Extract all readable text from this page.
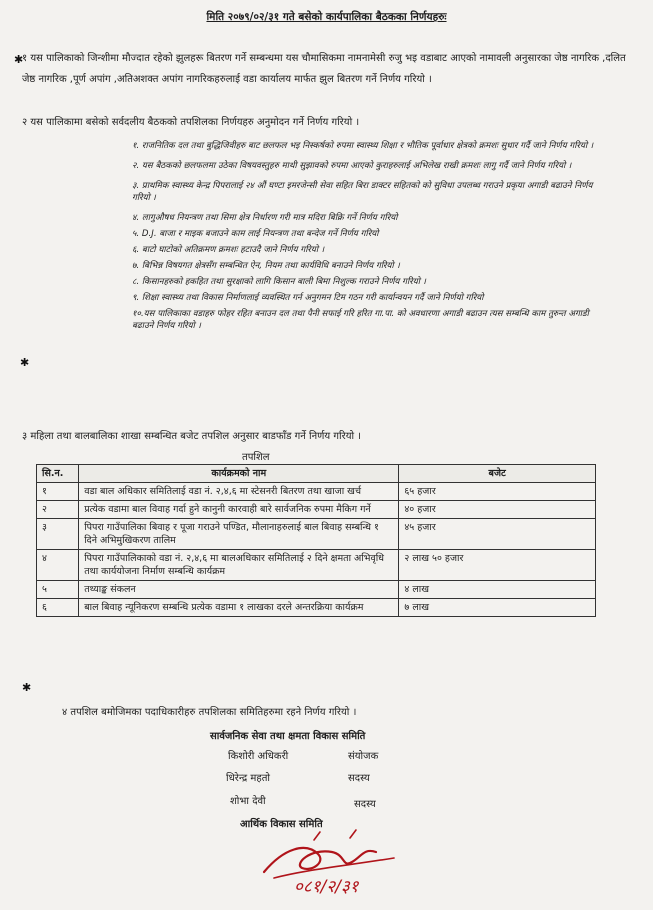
मिति २०७९/०२/३१ गते बसेको कार्यपालिका बैठकका निर्णयहरुः
✱
१ यस पालिकाको जिन्शीमा मौज्दात रहेको झुलहरू बितरण गर्ने सम्बन्धमा यस चौमासिकमा नामनामेसी रुजु भइ वडाबाट आएको नामावली अनुसारका जेष्ठ नागरिक ,दलित जेष्ठ नागरिक ,पूर्ण अपांग ,अतिअशक्त अपांग नागरिकहरुलाई वडा कार्यालय मार्फत झुल बितरण गर्ने निर्णय गरियो ।
२ यस पालिकामा बसेको सर्वदलीय बैठकको तपशिलका निर्णयहरु अनुमोदन गर्ने निर्णय गरियो ।
१. राजनितिक दल तथा बुद्धिजिवीहरु बाट छलफल भइ निस्कर्षको रुपमा स्वास्थ्य शिक्षा र भौतिक पूर्वाधार क्षेत्रको क्रमशः सुधार गर्दै जाने निर्णय गरियो ।
२. यस बैठकको छलफलमा उठेका विषयवस्तुहरु माथी सुझावको रुपमा आएको कुराहरुलाई अभिलेख राखी क्रमशः लागु गर्दै जाने निर्णय गरियो ।
३. प्राथमिक स्वास्थ्य केन्द्र पिपरालाई २४ औं घण्टा इमरजेन्सी सेवा सहित बिरा डाक्टर सहितको को सुविधा उपलब्ध गराउने प्रकृया अगाडी बढाउने निर्णय गरियो ।
४. लागुऔषध नियन्त्रण तथा सिमा क्षेत्र निर्धारण गरी मात्र मदिरा बिक्रि गर्ने निर्णय गरियो
५. D.J. बाजा र माइक बजाउने काम लाई नियन्त्रण तथा बन्देज गर्ने निर्णय गरियो
६. बाटो घाटोको अतिक्रमण क्रमशः हटाउदै जाने निर्णय गरियो ।
७. बिभिन्न विषयगत क्षेत्रसँग सम्बन्धित ऐन, नियम तथा कार्यविधि बनाउने निर्णय गरियो ।
८. किसानहरुको हकहित तथा सुरक्षाको लागि किसान बाली बिमा निशुल्क गराउने निर्णय गरियो ।
९. शिक्षा स्वास्थ्य तथा विकास निर्माणलाई व्यवस्थित गर्न अनुगमन टिम गठन गरी कार्यान्वयन गर्दै जाने निर्णयो गरियो
१०.यस पालिकाका वडाहरु फोहर रहित बनाउन दल तथा पैनी सफाई गरि हरित गा.पा. को अवधारणा अगाडी बढाउन त्यस सम्बन्धि काम तुरुन्त अगाडी बढाउने निर्णय गरियो ।
✱
३ महिला तथा बालबालिका शाखा सम्बन्धित बजेट तपशिल अनुसार बाडफाँड गर्ने निर्णय गरियो ।
तपशिल
सि.न.	कार्यक्रमको नाम	बजेट
१	वडा बाल अधिकार समितिलाई वडा नं. २,४,६ मा स्टेसनरी बितरण तथा खाजा खर्च	६५ हजार
२	प्रत्येक वडामा बाल विवाह गर्दा हुने कानुनी कारवाही बारे सार्वजनिक रुपमा मैकिग गर्ने	४० हजार
३	पिपरा गाउँपालिका बिवाह र पूजा गराउने पण्डित, मौलानाहरुलाई बाल बिवाह सम्बन्धि १ दिने अभिमुखिकरण तालिम	४५ हजार
४	पिपरा गाउँपालिकाको वडा नं. २,४,६ मा बालअधिकार समितिलाई २ दिने क्षमता अभिवृधि तथा कार्ययोजना निर्माण सम्बन्धि कार्यक्रम	२ लाख ५० हजार
५	तथ्याङ्क संकलन	४ लाख
६	बाल बिवाह न्यूनिकरण सम्बन्धि प्रत्येक वडामा १ लाखका दरले अन्तरक्रिया कार्यक्रम	७ लाख
✱
४ तपशिल बमोजिमका पदाधिकारीहरु तपशिलका समितिहरुमा रहने निर्णय गरियो ।
सार्वजनिक सेवा तथा क्षमता विकास समिति
किशोरी अधिकरी	संयोजक
धिरेन्द्र महतो	सदस्य
शोभा देवी	सदस्य
आर्थिक विकास समिति
०८१/२/३१
